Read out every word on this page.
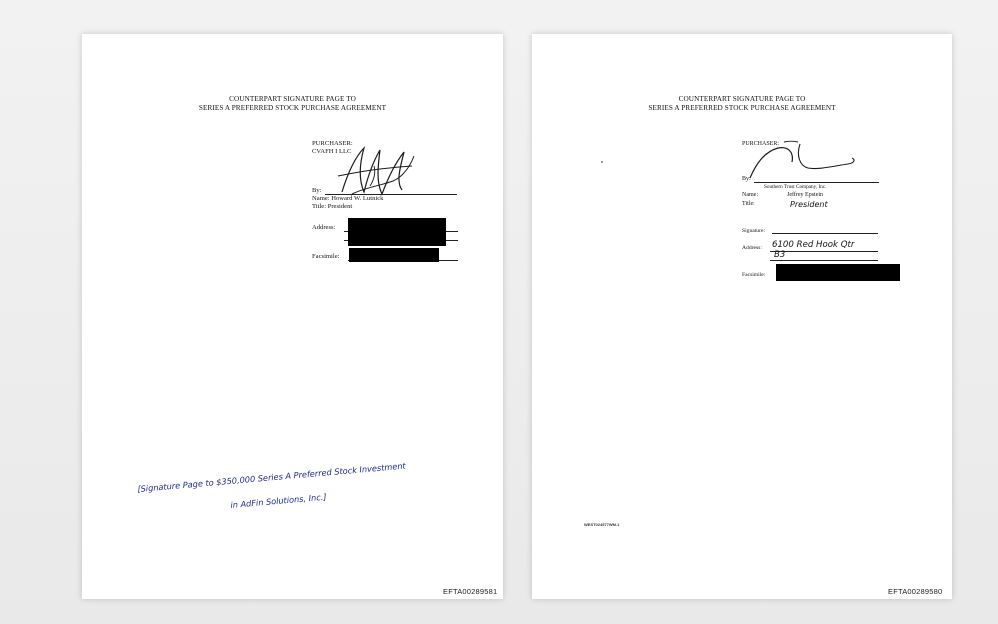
COUNTERPART SIGNATURE PAGE TO
SERIES A PREFERRED STOCK PURCHASE AGREEMENT
PURCHASER:
CVAFH I LLC
By:
Name: Howard W. Lutnick
Title: President
Address:
Facsimile:
[Signature Page to $350,000 Series A Preferred Stock Investment
in AdFin Solutions, Inc.]
EFTA00289581
COUNTERPART SIGNATURE PAGE TO
SERIES A PREFERRED STOCK PURCHASE AGREEMENT
PURCHASER:
By:
Southern Trust Company, Inc.
Name:	Jeffrey Epstein
Title:	President
Signature:
Address: 6100 Red Hook Qtr
B3
Facsimile:
WEST024577WM.1
EFTA00289580
